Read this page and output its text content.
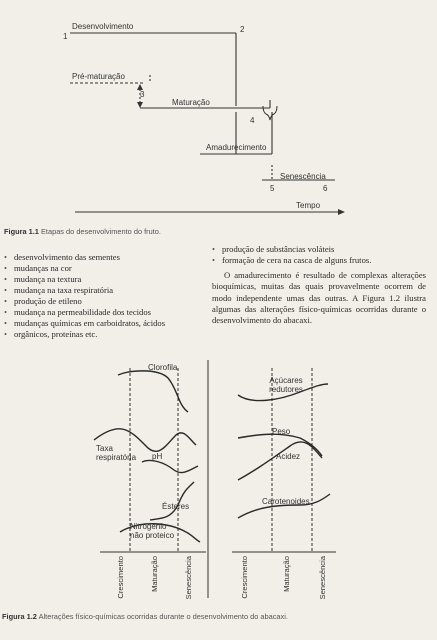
1
2
3
4
5	6
Desenvolvimento
Pré-maturação
Maturação
Amadurecimento
Senescência
Tempo
Figura 1.1 Etapas do desenvolvimento do fruto.
• desenvolvimento das sementes
• mudanças na cor
• mudança na textura
• mudança na taxa respiratória
• produção de etileno
• mudança na permeabilidade dos tecidos
• mudanças químicas em carboidratos, ácidos
• orgânicos, proteínas etc.
• produção de substâncias voláteis
• formação de cera na casca de alguns frutos.

O amadurecimento é resultado de complexas alterações bioquímicas, muitas das quais provavelmente ocorrem de modo independente umas das outras. A Figura 1.2 ilustra algumas das alterações físico-químicas ocorridas durante o desenvolvimento do abacaxi.

Clorofila
Taxa respiratória pH
Ésteres
Nitrogênio não proteico
Açúcares redutores
Peso
Acidez
Carotenoides
Crescimento	Maturação	Senescência	Crescimento	Maturação	Senescência
Figura 1.2 Alterações físico-químicas ocorridas durante o desenvolvimento do abacaxi.
